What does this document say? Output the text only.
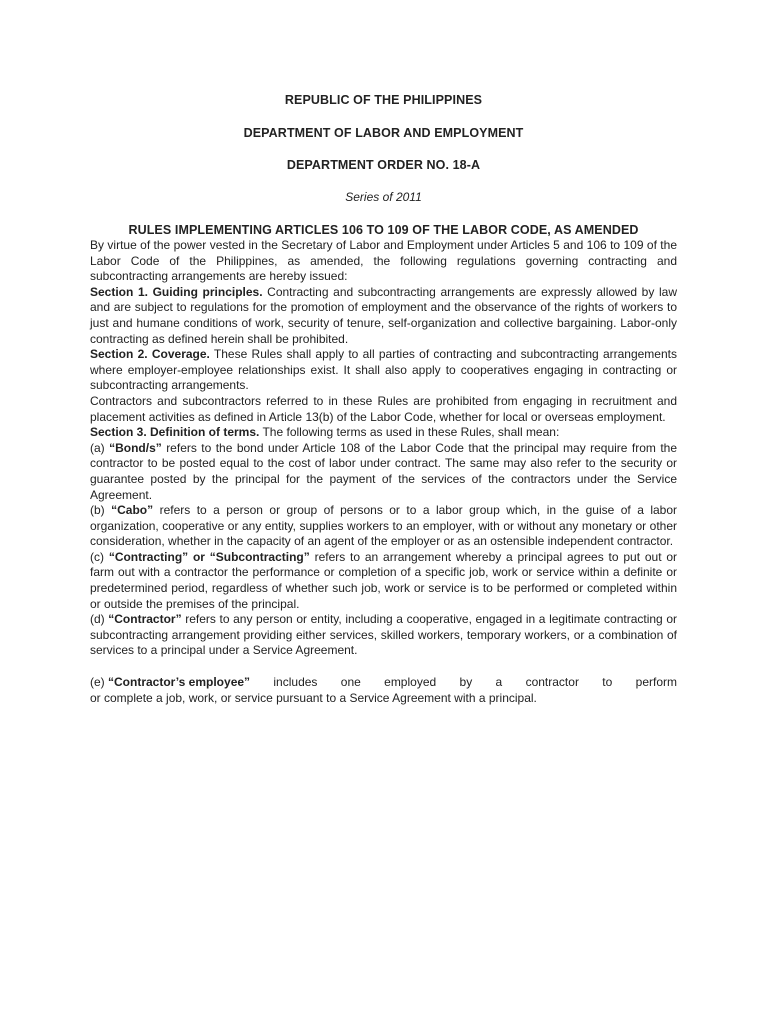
REPUBLIC OF THE PHILIPPINES

DEPARTMENT OF LABOR AND EMPLOYMENT

DEPARTMENT ORDER NO. 18-A

Series of 2011

RULES IMPLEMENTING ARTICLES 106 TO 109 OF THE LABOR CODE, AS AMENDED

By virtue of the power vested in the Secretary of Labor and Employment under Articles 5 and 106 to 109 of the Labor Code of the Philippines, as amended, the following regulations governing contracting and subcontracting arrangements are hereby issued:

Section 1. Guiding principles. Contracting and subcontracting arrangements are expressly allowed by law and are subject to regulations for the promotion of employment and the observance of the rights of workers to just and humane conditions of work, security of tenure, self-organization and collective bargaining. Labor-only contracting as defined herein shall be prohibited.

Section 2. Coverage. These Rules shall apply to all parties of contracting and subcontracting arrangements where employer-employee relationships exist. It shall also apply to cooperatives engaging in contracting or subcontracting arrangements.

Contractors and subcontractors referred to in these Rules are prohibited from engaging in recruitment and placement activities as defined in Article 13(b) of the Labor Code, whether for local or overseas employment.

Section 3. Definition of terms. The following terms as used in these Rules, shall mean:

(a) “Bond/s” refers to the bond under Article 108 of the Labor Code that the principal may require from the contractor to be posted equal to the cost of labor under contract. The same may also refer to the security or guarantee posted by the principal for the payment of the services of the contractors under the Service Agreement.

(b) “Cabo” refers to a person or group of persons or to a labor group which, in the guise of a labor organization, cooperative or any entity, supplies workers to an employer, with or without any monetary or other consideration, whether in the capacity of an agent of the employer or as an ostensible independent contractor.

(c) “Contracting” or “Subcontracting” refers to an arrangement whereby a principal agrees to put out or farm out with a contractor the performance or completion of a specific job, work or service within a definite or predetermined period, regardless of whether such job, work or service is to be performed or completed within or outside the premises of the principal.

(d) “Contractor” refers to any person or entity, including a cooperative, engaged in a legitimate contracting or subcontracting arrangement providing either services, skilled workers, temporary workers, or a combination of services to a principal under a Service Agreement.

(e) “Contractor’s employee” includes one employed by a contractor to perform

or complete a job, work, or service pursuant to a Service Agreement with a principal.
